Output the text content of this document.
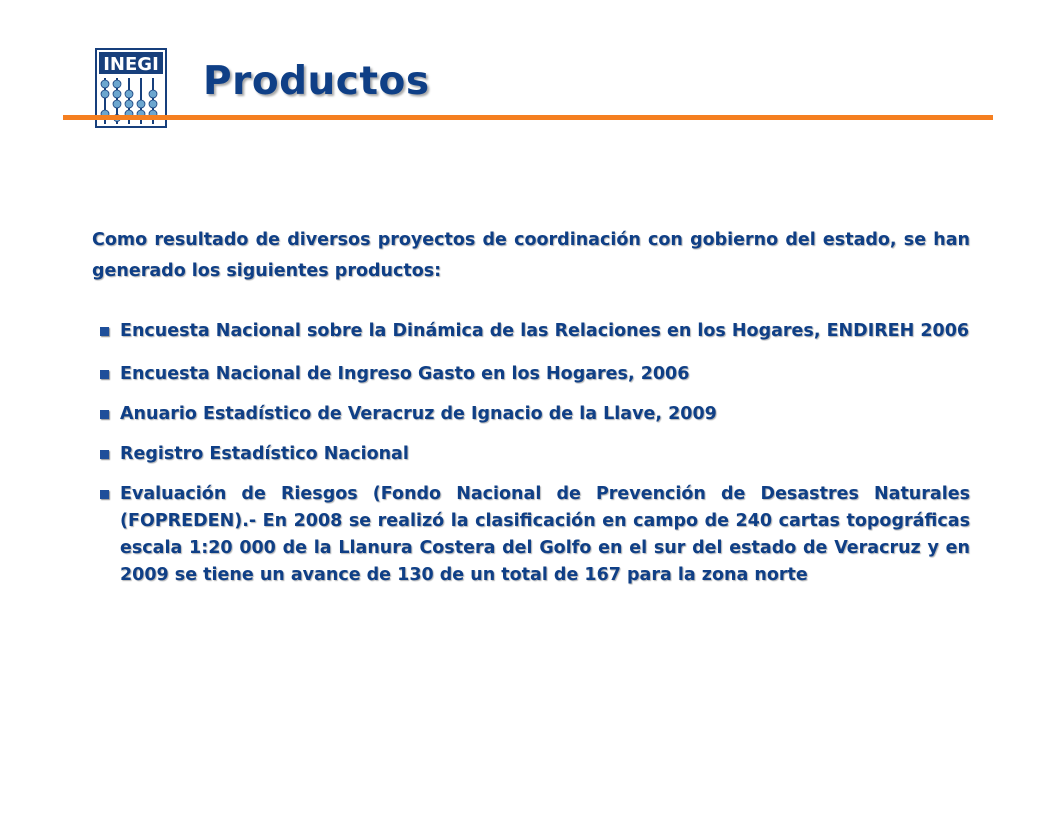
INEGI Productos

Como resultado de diversos proyectos de coordinación con gobierno del estado, se han generado los siguientes productos:

Encuesta Nacional sobre la Dinámica de las Relaciones en los Hogares, ENDIREH 2006
Encuesta Nacional de Ingreso Gasto en los Hogares, 2006
Anuario Estadístico de Veracruz de Ignacio de la Llave, 2009
Registro Estadístico Nacional
Evaluación de Riesgos (Fondo Nacional de Prevención de Desastres Naturales (FOPREDEN).- En 2008 se realizó la clasificación en campo de 240 cartas topográficas escala 1:20 000 de la Llanura Costera del Golfo en el sur del estado de Veracruz y en 2009 se tiene un avance de 130 de un total de 167 para la zona norte
